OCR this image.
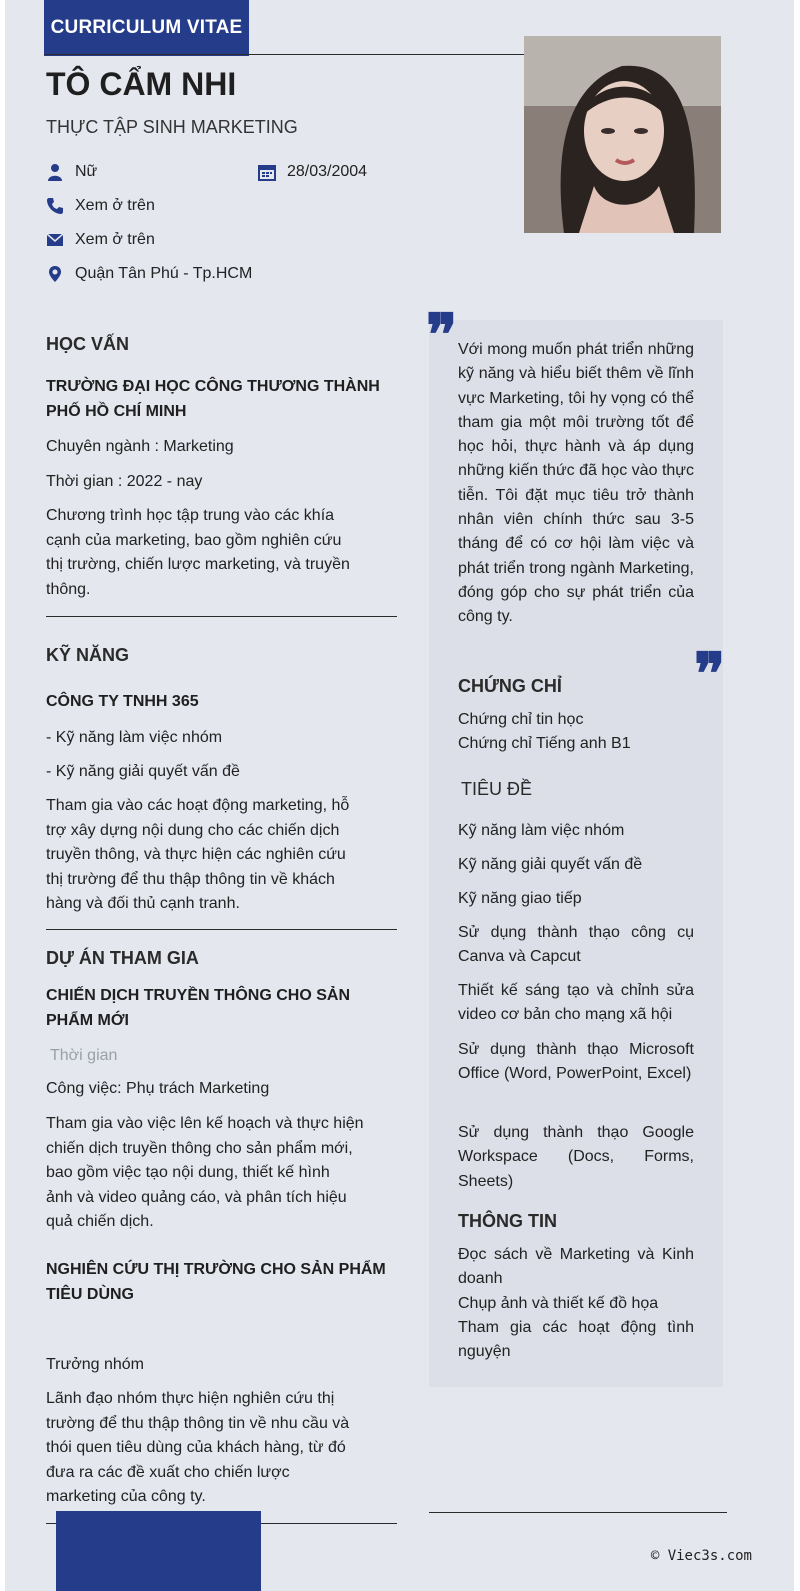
CURRICULUM VITAE
TÔ CẨM NHI
THỰC TẬP SINH MARKETING
Nữ	28/03/2004
Xem ở trên
Xem ở trên
Quận Tân Phú - Tp.HCM
HỌC VẤN
TRƯỜNG ĐẠI HỌC CÔNG THƯƠNG THÀNH
PHỐ HỒ CHÍ MINH
Chuyên ngành : Marketing
Thời gian : 2022 - nay
Chương trình học tập trung vào các khía
cạnh của marketing, bao gồm nghiên cứu
thị trường, chiến lược marketing, và truyền
thông.
KỸ NĂNG
CÔNG TY TNHH 365
- Kỹ năng làm việc nhóm
- Kỹ năng giải quyết vấn đề
Tham gia vào các hoạt động marketing, hỗ
trợ xây dựng nội dung cho các chiến dịch
truyền thông, và thực hiện các nghiên cứu
thị trường để thu thập thông tin về khách
hàng và đối thủ cạnh tranh.
DỰ ÁN THAM GIA
CHIẾN DỊCH TRUYỀN THÔNG CHO SẢN
PHẨM MỚI
Thời gian
Công việc: Phụ trách Marketing
Tham gia vào việc lên kế hoạch và thực hiện
chiến dịch truyền thông cho sản phẩm mới,
bao gồm việc tạo nội dung, thiết kế hình
ảnh và video quảng cáo, và phân tích hiệu
quả chiến dịch.
NGHIÊN CỨU THỊ TRƯỜNG CHO SẢN PHẨM
TIÊU DÙNG
Trưởng nhóm
Lãnh đạo nhóm thực hiện nghiên cứu thị
trường để thu thập thông tin về nhu cầu và
thói quen tiêu dùng của khách hàng, từ đó
đưa ra các đề xuất cho chiến lược
marketing của công ty.
❞ Với mong muốn phát triển những kỹ năng và hiểu biết thêm về lĩnh vực Marketing, tôi hy vọng có thể tham gia một môi trường tốt để học hỏi, thực hành và áp dụng những kiến thức đã học vào thực tiễn. Tôi đặt mục tiêu trở thành nhân viên chính thức sau 3-5 tháng để có cơ hội làm việc và phát triển trong ngành Marketing, đóng góp cho sự phát triển của công ty.
❞
CHỨNG CHỈ
Chứng chỉ tin học
Chứng chỉ Tiếng anh B1
TIÊU ĐỀ
Kỹ năng làm việc nhóm
Kỹ năng giải quyết vấn đề
Kỹ năng giao tiếp
Sử dụng thành thạo công cụ Canva và Capcut
Thiết kế sáng tạo và chỉnh sửa video cơ bản cho mạng xã hội
Sử dụng thành thạo Microsoft Office (Word, PowerPoint, Excel)
Sử dụng thành thạo Google Workspace (Docs, Forms, Sheets)
THÔNG TIN
Đọc sách về Marketing và Kinh doanh
Chụp ảnh và thiết kế đồ họa
Tham gia các hoạt động tình nguyện
© Viec3s.com
